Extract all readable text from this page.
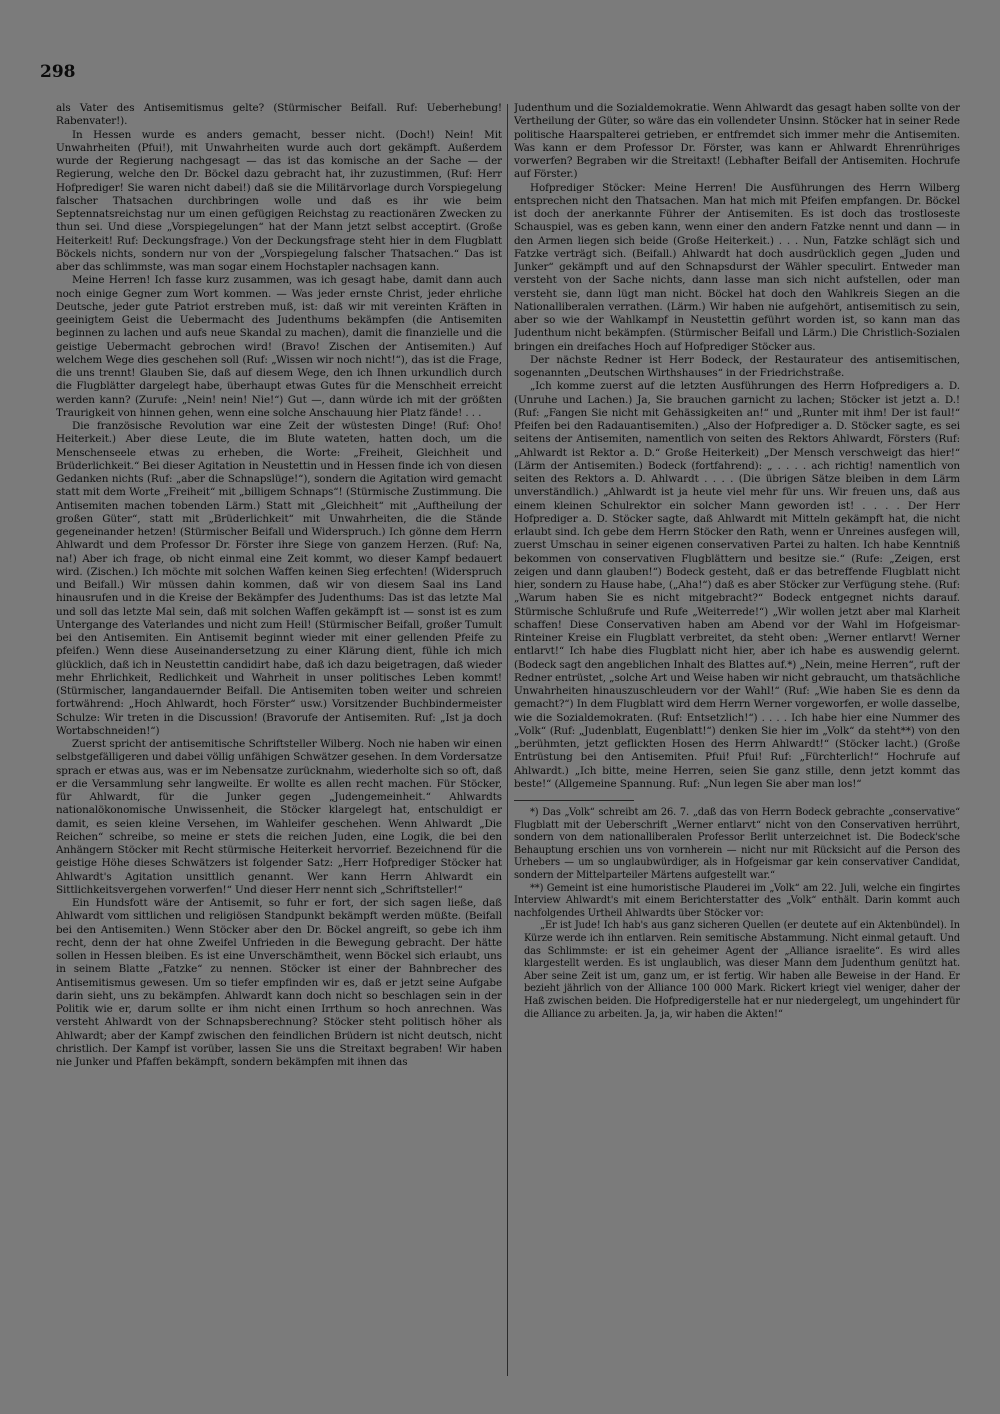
298

als Vater des Antisemitismus gelte? (Stürmischer Beifall. Ruf: Ueberhebung! Rabenvater!).

In Hessen wurde es anders gemacht, besser nicht. (Doch!) Nein! Mit Unwahrheiten (Pfui!), mit Unwahrheiten wurde auch dort gekämpft. Außerdem wurde der Regierung nachgesagt — das ist das komische an der Sache — der Regierung, welche den Dr. Böckel dazu gebracht hat, ihr zuzustimmen, (Ruf: Herr Hofprediger! Sie waren nicht dabei!) daß sie die Militärvorlage durch Vorspiegelung falscher Thatsachen durchbringen wolle und daß es ihr wie beim Septennatsreichstag nur um einen gefügigen Reichstag zu reactionären Zwecken zu thun sei. Und diese „Vorspiegelungen“ hat der Mann jetzt selbst acceptirt. (Große Heiterkeit! Ruf: Deckungsfrage.) Von der Deckungsfrage steht hier in dem Flugblatt Böckels nichts, sondern nur von der „Vorspiegelung falscher Thatsachen.“ Das ist aber das schlimmste, was man sogar einem Hochstapler nachsagen kann.

Meine Herren! Ich fasse kurz zusammen, was ich gesagt habe, damit dann auch noch einige Gegner zum Wort kommen. — Was jeder ernste Christ, jeder ehrliche Deutsche, jeder gute Patriot erstreben muß, ist: daß wir mit vereinten Kräften in geeinigtem Geist die Uebermacht des Judenthums bekämpfen (die Antisemiten beginnen zu lachen und aufs neue Skandal zu machen), damit die finanzielle und die geistige Uebermacht gebrochen wird! (Bravo! Zischen der Antisemiten.) Auf welchem Wege dies geschehen soll (Ruf: „Wissen wir noch nicht!“), das ist die Frage, die uns trennt! Glauben Sie, daß auf diesem Wege, den ich Ihnen urkundlich durch die Flugblätter dargelegt habe, überhaupt etwas Gutes für die Menschheit erreicht werden kann? (Zurufe: „Nein! nein! Nie!“) Gut —, dann würde ich mit der größten Traurigkeit von hinnen gehen, wenn eine solche Anschauung hier Platz fände! . . .

Die französische Revolution war eine Zeit der wüstesten Dinge! (Ruf: Oho! Heiterkeit.) Aber diese Leute, die im Blute wateten, hatten doch, um die Menschenseele etwas zu erheben, die Worte: „Freiheit, Gleichheit und Brüderlichkeit.“ Bei dieser Agitation in Neustettin und in Hessen finde ich von diesen Gedanken nichts (Ruf: „aber die Schnapslüge!“), sondern die Agitation wird gemacht statt mit dem Worte „Freiheit“ mit „billigem Schnaps“! (Stürmische Zustimmung. Die Antisemiten machen tobenden Lärm.) Statt mit „Gleichheit“ mit „Auftheilung der großen Güter“, statt mit „Brüderlichkeit“ mit Unwahrheiten, die die Stände gegeneinander hetzen! (Stürmischer Beifall und Widerspruch.) Ich gönne dem Herrn Ahlwardt und dem Professor Dr. Förster ihre Siege von ganzem Herzen. (Ruf: Na, na!) Aber ich frage, ob nicht einmal eine Zeit kommt, wo dieser Kampf bedauert wird. (Zischen.) Ich möchte mit solchen Waffen keinen Sieg erfechten! (Widerspruch und Beifall.) Wir müssen dahin kommen, daß wir von diesem Saal ins Land hinausrufen und in die Kreise der Bekämpfer des Judenthums: Das ist das letzte Mal und soll das letzte Mal sein, daß mit solchen Waffen gekämpft ist — sonst ist es zum Untergange des Vaterlandes und nicht zum Heil! (Stürmischer Beifall, großer Tumult bei den Antisemiten. Ein Antisemit beginnt wieder mit einer gellenden Pfeife zu pfeifen.) Wenn diese Auseinandersetzung zu einer Klärung dient, fühle ich mich glücklich, daß ich in Neustettin candidirt habe, daß ich dazu beigetragen, daß wieder mehr Ehrlichkeit, Redlichkeit und Wahrheit in unser politisches Leben kommt! (Stürmischer, langandauernder Beifall. Die Antisemiten toben weiter und schreien fortwährend: „Hoch Ahlwardt, hoch Förster“ usw.) Vorsitzender Buchbindermeister Schulze: Wir treten in die Discussion! (Bravorufe der Antisemiten. Ruf: „Ist ja doch Wortabschneiden!“)

Zuerst spricht der antisemitische Schriftsteller Wilberg. Noch nie haben wir einen selbstgefälligeren und dabei völlig unfähigen Schwätzer gesehen. In dem Vordersatze sprach er etwas aus, was er im Nebensatze zurücknahm, wiederholte sich so oft, daß er die Versammlung sehr langweilte. Er wollte es allen recht machen. Für Stöcker, für Ahlwardt, für die Junker gegen „Judengemeinheit.“ Ahlwardts nationalökonomische Unwissenheit, die Stöcker klargelegt hat, entschuldigt er damit, es seien kleine Versehen, im Wahleifer geschehen. Wenn Ahlwardt „Die Reichen“ schreibe, so meine er stets die reichen Juden, eine Logik, die bei den Anhängern Stöcker mit Recht stürmische Heiterkeit hervorrief. Bezeichnend für die geistige Höhe dieses Schwätzers ist folgender Satz: „Herr Hofprediger Stöcker hat Ahlwardt's Agitation unsittlich genannt. Wer kann Herrn Ahlwardt ein Sittlichkeitsvergehen vorwerfen!“ Und dieser Herr nennt sich „Schriftsteller!“

Ein Hundsfott wäre der Antisemit, so fuhr er fort, der sich sagen ließe, daß Ahlwardt vom sittlichen und religiösen Standpunkt bekämpft werden müßte. (Beifall bei den Antisemiten.) Wenn Stöcker aber den Dr. Böckel angreift, so gebe ich ihm recht, denn der hat ohne Zweifel Unfrieden in die Bewegung gebracht. Der hätte sollen in Hessen bleiben. Es ist eine Unverschämtheit, wenn Böckel sich erlaubt, uns in seinem Blatte „Fatzke“ zu nennen. Stöcker ist einer der Bahnbrecher des Antisemitismus gewesen. Um so tiefer empfinden wir es, daß er jetzt seine Aufgabe darin sieht, uns zu bekämpfen. Ahlwardt kann doch nicht so beschlagen sein in der Politik wie er, darum sollte er ihm nicht einen Irrthum so hoch anrechnen. Was versteht Ahlwardt von der Schnapsberechnung? Stöcker steht politisch höher als Ahlwardt; aber der Kampf zwischen den feindlichen Brüdern ist nicht deutsch, nicht christlich. Der Kampf ist vorüber, lassen Sie uns die Streitaxt begraben! Wir haben nie Junker und Pfaffen bekämpft, sondern bekämpfen mit ihnen das

Judenthum und die Sozialdemokratie. Wenn Ahlwardt das gesagt haben sollte von der Vertheilung der Güter, so wäre das ein vollendeter Unsinn. Stöcker hat in seiner Rede politische Haarspaltereі getrieben, er entfremdet sich immer mehr die Antisemiten. Was kann er dem Professor Dr. Förster, was kann er Ahlwardt Ehrenrühriges vorwerfen? Begraben wir die Streitaxt! (Lebhafter Beifall der Antisemiten. Hochrufe auf Förster.)

Hofprediger Stöcker: Meine Herren! Die Ausführungen des Herrn Wilberg entsprechen nicht den Thatsachen. Man hat mich mit Pfeifen empfangen. Dr. Böckel ist doch der anerkannte Führer der Antisemiten. Es ist doch das trostloseste Schauspiel, was es geben kann, wenn einer den andern Fatzke nennt und dann — in den Armen liegen sich beide (Große Heiterkeit.) . . . Nun, Fatzke schlägt sich und Fatzke verträgt sich. (Beifall.) Ahlwardt hat doch ausdrücklich gegen „Juden und Junker“ gekämpft und auf den Schnapsdurst der Wähler speculirt. Entweder man versteht von der Sache nichts, dann lasse man sich nicht aufstellen, oder man versteht sie, dann lügt man nicht. Böckel hat doch den Wahlkreis Siegen an die Nationalliberalen verrathen. (Lärm.) Wir haben nie aufgehört, antisemitisch zu sein, aber so wie der Wahlkampf in Neustettin geführt worden ist, so kann man das Judenthum nicht bekämpfen. (Stürmischer Beifall und Lärm.) Die Christlich-Sozialen bringen ein dreifaches Hoch auf Hofprediger Stöcker aus.

Der nächste Redner ist Herr Bodeck, der Restaurateur des antisemitischen, sogenannten „Deutschen Wirthshauses“ in der Friedrichstraße.

„Ich komme zuerst auf die letzten Ausführungen des Herrn Hofpredigers a. D. (Unruhe und Lachen.) Ja, Sie brauchen garnicht zu lachen; Stöcker ist jetzt a. D.! (Ruf: „Fangen Sie nicht mit Gehässigkeiten an!“ und „Runter mit ihm! Der ist faul!“ Pfeifen bei den Radauantisemiten.) „Also der Hofprediger a. D. Stöcker sagte, es sei seitens der Antisemiten, namentlich von seiten des Rektors Ahlwardt, Försters (Ruf: „Ahlwardt ist Rektor a. D.“ Große Heiterkeit) „Der Mensch verschweigt das hier!“ (Lärm der Antisemiten.) Bodeck (fortfahrend): „ . . . . ach richtig! namentlich von seiten des Rektors a. D. Ahlwardt . . . . (Die übrigen Sätze bleiben in dem Lärm unverständlich.) „Ahlwardt ist ja heute viel mehr für uns. Wir freuen uns, daß aus einem kleinen Schulrektor ein solcher Mann geworden ist! . . . . Der Herr Hofprediger a. D. Stöcker sagte, daß Ahlwardt mit Mitteln gekämpft hat, die nicht erlaubt sind. Ich gebe dem Herrn Stöcker den Rath, wenn er Unreines ausfegen will, zuerst Umschau in seiner eigenen conservativen Partei zu halten. Ich habe Kenntniß bekommen von conservativen Flugblättern und besitze sie.“ (Rufe: „Zeigen, erst zeigen und dann glauben!“) Bodeck gesteht, daß er das betreffende Flugblatt nicht hier, sondern zu Hause habe, („Aha!“) daß es aber Stöcker zur Verfügung stehe. (Ruf: „Warum haben Sie es nicht mitgebracht?“ Bodeck entgegnet nichts darauf. Stürmische Schlußrufe und Rufe „Weiterrede!“) „Wir wollen jetzt aber mal Klarheit schaffen! Diese Conservativen haben am Abend vor der Wahl im Hofgeismar-Rinteiner Kreise ein Flugblatt verbreitet, da steht oben: „Werner entlarvt! Werner entlarvt!“ Ich habe dies Flugblatt nicht hier, aber ich habe es auswendig gelernt. (Bodeck sagt den angeblichen Inhalt des Blattes auf.*) „Nein, meine Herren“, ruft der Redner entrüstet, „solche Art und Weise haben wir nicht gebraucht, um thatsächliche Unwahrheiten hinauszuschleudern vor der Wahl!“ (Ruf: „Wie haben Sie es denn da gemacht?“) In dem Flugblatt wird dem Herrn Werner vorgeworfen, er wolle dasselbe, wie die Sozialdemokraten. (Ruf: Entsetzlich!“) . . . . Ich habe hier eine Nummer des „Volk“ (Ruf: „Judenblatt, Eugenblatt!“) denken Sie hier im „Volk“ da steht**) von den „berühmten, jetzt geflickten Hosen des Herrn Ahlwardt!“ (Stöcker lacht.) (Große Entrüstung bei den Antisemiten. Pfui! Pfui! Ruf: „Fürchterlich!“ Hochrufe auf Ahlwardt.) „Ich bitte, meine Herren, seien Sie ganz stille, denn jetzt kommt das beste!“ (Allgemeine Spannung. Ruf: „Nun legen Sie aber man los!“

*) Das „Volk“ schreibt am 26. 7. „daß das von Herrn Bodeck gebrachte „conservative“ Flugblatt mit der Ueberschrift „Werner entlarvt“ nicht von den Conservativen herrührt, sondern von dem nationalliberalen Professor Berlit unterzeichnet ist. Die Bodeck'sche Behauptung erschien uns von vornherein — nicht nur mit Rücksicht auf die Person des Urhebers — um so unglaubwürdiger, als in Hofgeismar gar kein conservativer Candidat, sondern der Mittelparteiler Märtens aufgestellt war.“

**) Gemeint ist eine humoristische Plauderei im „Volk“ am 22. Juli, welche ein fingirtes Interview Ahlwardt's mit einem Berichterstatter des „Volk“ enthält. Darin kommt auch nachfolgendes Urtheil Ahlwardts über Stöcker vor:

„Er ist Jude! Ich hab's aus ganz sicheren Quellen (er deutete auf ein Aktenbündel). In Kürze werde ich ihn entlarven. Rein semitische Abstammung. Nicht einmal getauft. Und das Schlimmste: er ist ein geheimer Agent der „Alliance israelite“. Es wird alles klargestellt werden. Es ist unglaublich, was dieser Mann dem Judenthum genützt hat. Aber seine Zeit ist um, ganz um, er ist fertig. Wir haben alle Beweise in der Hand. Er bezieht jährlich von der Alliance 100 000 Mark. Rickert kriegt viel weniger, daher der Haß zwischen beiden. Die Hofpredigerstelle hat er nur niedergelegt, um ungehindert für die Alliance zu arbeiten. Ja, ja, wir haben die Akten!“
